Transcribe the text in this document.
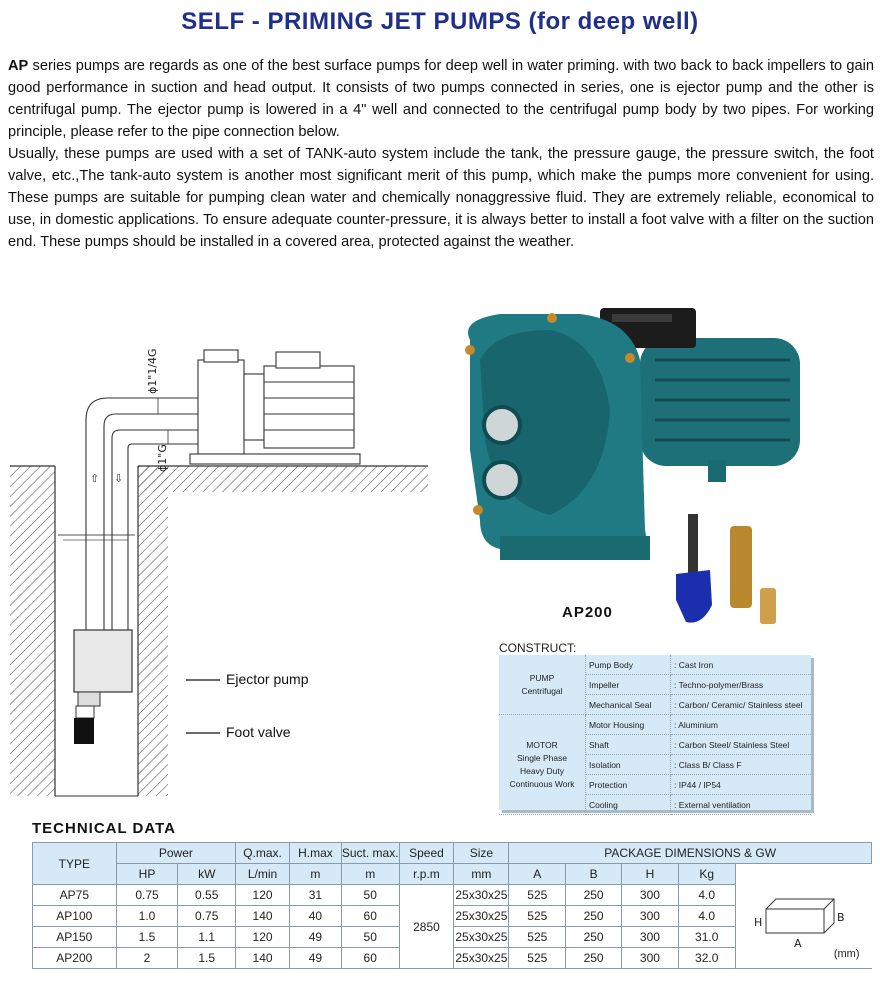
SELF - PRIMING JET PUMPS (for deep well)

AP series pumps are regards as one of the best surface pumps for deep well in water priming. with two back to back impellers to gain good performance in suction and head output. It consists of two pumps connected in series, one is ejector pump and the other is centrifugal pump. The ejector pump is lowered in a 4" well and connected to the centrifugal pump body by two pipes. For working principle, please refer to the pipe connection below.

Usually, these pumps are used with a set of TANK-auto system include the tank, the pressure gauge, the pressure switch, the foot valve, etc.,The tank-auto system is another most significant merit of this pump, which make the pumps more convenient for using. These pumps are suitable for pumping clean water and chemically nonaggressive fluid. They are extremely reliable, economical to use, in domestic applications. To ensure adequate counter-pressure, it is always better to install a foot valve with a filter on the suction end. These pumps should be installed in a covered area, protected against the weather.

⇧ ⇩
ϕ1"1/4G
ϕ1"G
Ejector pump
Foot valve
AP200
CONSTRUCT:
PUMP
Centrifugal	Pump Body	: Cast Iron
	Impeller	: Techno-polymer/Brass
	Mechanical Seal	: Carbon/ Ceramic/ Stainless steel

MOTOR
Single Phase
Heavy Duty
Continuous Work	Motor Housing	: Aluminium
	Shaft	: Carbon Steel/ Stainless Steel
	Isolation	: Class B/ Class F
	Protection	: IP44 / IP54
	Cooling	: External ventilation
TECHNICAL DATA
TYPE	Power		Q.max.	H.max	Suct. max.	Speed	Size	PACKAGE DIMENSIONS & GW				
	HP	kW	L/min	m	m	r.p.m	mm	A	B	H	Kg	
AP75	0.75	0.55	120	31	50	2850	25x30x25	525	250	300	4.0	H B
A
(mm)

AP100	1.0	0.75	140	40	60		25x30x25	525	250	300	4.0	
AP150	1.5	1.1	120	49	50		25x30x25	525	250	300	31.0	
AP200	2	1.5	140	49	60		25x30x25	525	250	300	32.0	
